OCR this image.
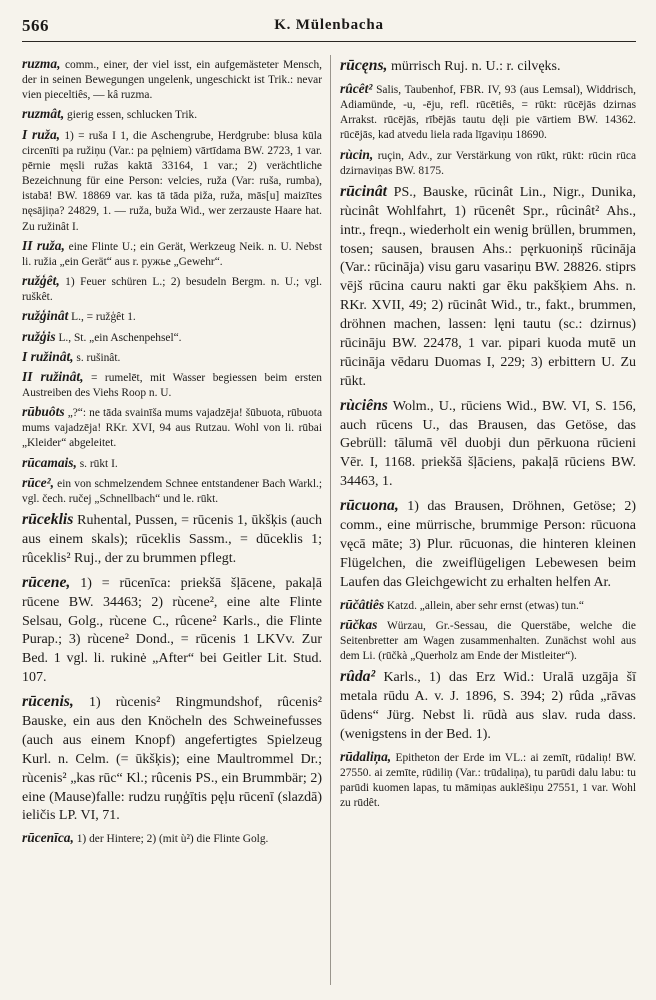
566	K. Mülenbacha

ruzma, comm., einer, der viel isst, ein aufgemästeter Mensch, der in seinen Bewegungen ungelenk, ungeschickt ist Trik.: nevar vien pieceltiês, — kâ ruzma.

ruzmât, gierig essen, schlucken Trik.

I ruža, 1) = ruša I 1, die Aschengrube, Herdgrube: blusa kūla circenīti pa ružiņu (Var.: pa pęlniem) vārtīdama BW. 2723, 1 var. pērnie męsli ružas kaktā 33164, 1 var.; 2) verächtliche Bezeichnung für eine Person: velcies, ruža (Var: ruša, rumba), istabā! BW. 18869 var. kas tā tāda piža, ruža, mās[u] maizītes nęsājiņa? 24829, 1. — ruža, buža Wid., wer zerzauste Haare hat. Zu ružinât I.

II ruža, eine Flinte U.; ein Gerät, Werkzeug Neik. n. U. Nebst li. ružia „ein Gerät“ aus r. ружье „Gewehr“.

ružģêt, 1) Feuer schüren L.; 2) besudeln Bergm. n. U.; vgl. ruškêt.

ružģinât L., = ružģêt 1.

ružģis L., St. „ein Aschenpehsel“.

I ružinât, s. rušinât.

II ružinât, = rumelēt, mit Wasser begiessen beim ersten Austreiben des Viehs Roop n. U.

rūbuôts „?“: ne tāda svainīša mums vajadzēja! šūbuota, rūbuota mums vajadzēja! RKr. XVI, 94 aus Rutzau. Wohl von li. rūbai „Kleider“ abgeleitet.

rūcamais, s. rūkt I.

rūce², ein von schmelzendem Schnee entstandener Bach Warkl.; vgl. čech. ručej „Schnellbach“ und le. rūkt.

rūceklis Ruhental, Pussen, = rūcenis 1, ūkšķis (auch aus einem skals); rūceklis Sassm., = dūceklis 1; rûceklis² Ruj., der zu brummen pflegt.

rūcene, 1) = rūcenīca: priekšā šļācene, pakaļā rūcene BW. 34463; 2) rùcene², eine alte Flinte Selsau, Golg., rùcene C., rûcene² Karls., die Flinte Purap.; 3) rùcene² Dond., = rūcenis 1 LKVv. Zur Bed. 1 vgl. li. rukinė „After“ bei Geitler Lit. Stud. 107.

rūcenis, 1) rùcenis² Ringmundshof, rûcenis² Bauske, ein aus den Knöcheln des Schweinefusses (auch aus einem Knopf) angefertigtes Spielzeug Kurl. n. Celm. (= ūkšķis); eine Maultrommel Dr.; rùcenis² „kas rūc“ Kl.; rûcenis PS., ein Brummbär; 2) eine (Mause)falle: rudzu ruņģītis pęļu rūcenī (slazdā) ieličis LP. VI, 71.

rūcenīca, 1) der Hintere; 2) (mit ù²) die Flinte Golg.

rūcęns, mürrisch Ruj. n. U.: r. cilvęks.

rûcêt² Salis, Taubenhof, FBR. IV, 93 (aus Lemsal), Widdrisch, Adiamünde, -u, -ēju, refl. rūcētiês, = rūkt: rūcējās dzirnas Arrakst. rūcējās, rībējās tautu dęļi pie vārtiem BW. 14362. rūcējās, kad atvedu liela rada līgaviņu 18690.

rùcin, ruçin, Adv., zur Verstärkung von rūkt, rūkt: rūcin rūca dzirnaviņas BW. 8175.

rūcinât PS., Bauske, rūcinât Lin., Nigr., Dunika, rùcinât Wohlfahrt, 1) rūcenêt Spr., rûcinât² Ahs., intr., freqn., wiederholt ein wenig brüllen, brummen, tosen; sausen, brausen Ahs.: pęrkuoniņš rūcināja (Var.: rūcināja) visu garu vasariņu BW. 28826. stiprs vējš rūcina cauru nakti gar ēku pakšķiem Ahs. n. RKr. XVII, 49; 2) rūcinât Wid., tr., fakt., brummen, dröhnen machen, lassen: lęni tautu (sc.: dzirnus) rūcināju BW. 22478, 1 var. pipari kuoda mutē un rūcināja vēdaru Duomas I, 229; 3) erbittern U. Zu rūkt.

rùciêns Wolm., U., rūciens Wid., BW. VI, S. 156, auch rūcens U., das Brausen, das Getöse, das Gebrüll: tālumā vēl duobji dun pērkuona rūcieni Vēr. I, 1168. priekšā šļāciens, pakaļā rūciens BW. 34463, 1.

rūcuona, 1) das Brausen, Dröhnen, Getöse; 2) comm., eine mürrische, brummige Person: rūcuona vęcā māte; 3) Plur. rūcuonas, die hinteren kleinen Flügelchen, die zweiflügeligen Lebewesen beim Laufen das Gleichgewicht zu erhalten helfen Ar.

rūčâtiês Katzd. „allein, aber sehr ernst (etwas) tun.“

rūčkas Würzau, Gr.-Sessau, die Querstäbe, welche die Seitenbretter am Wagen zusammenhalten. Zunächst wohl aus dem Li. (rūčkà „Querholz am Ende der Mistleiter“).

rûda² Karls., 1) das Erz Wid.: Uralā uzgāja šī metala rūdu A. v. J. 1896, S. 394; 2) rûda „rāvas ūdens“ Jürg. Nebst li. rūdà aus slav. ruda dass. (wenigstens in der Bed. 1).

rūdaliņa, Epitheton der Erde im VL.: ai zemīt, rūdaliņ! BW. 27550. ai zemīte, rūdiliņ (Var.: trūdaliņa), tu parūdi dalu labu: tu parūdi kuomen lapas, tu māmiņas auklēšiņu 27551, 1 var. Wohl zu rūdêt.
